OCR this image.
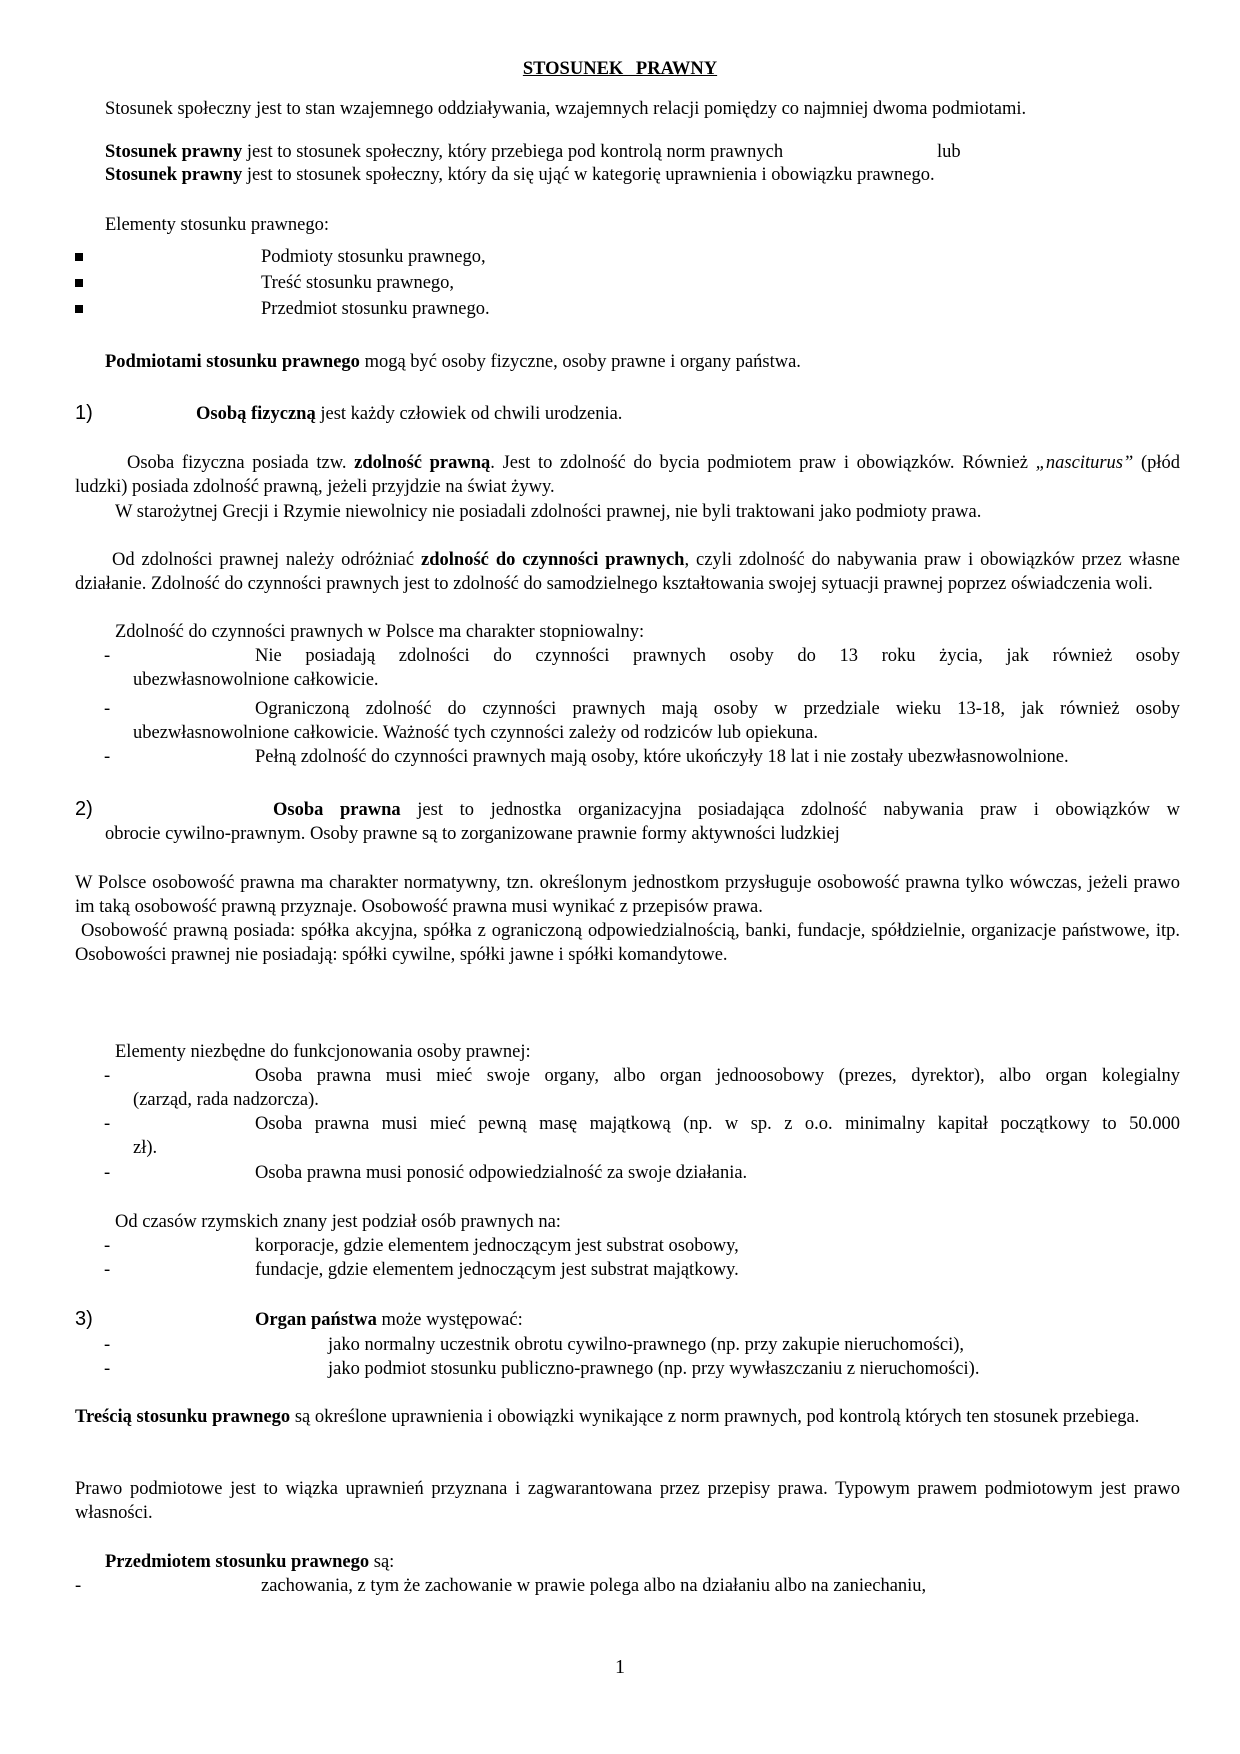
STOSUNEK PRAWNY

Stosunek społeczny jest to stan wzajemnego oddziaływania, wzajemnych relacji pomiędzy co najmniej dwoma podmiotami.

Stosunek prawny jest to stosunek społeczny, który przebiega pod kontrolą norm prawnych	lub

Stosunek prawny jest to stosunek społeczny, który da się ująć w kategorię uprawnienia i obowiązku prawnego.

Elementy stosunku prawnego:

Podmioty stosunku prawnego,
Treść stosunku prawnego,
Przedmiot stosunku prawnego.

Podmiotami stosunku prawnego mogą być osoby fizyczne, osoby prawne i organy państwa.

1)	Osobą fizyczną jest każdy człowiek od chwili urodzenia.

Osoba fizyczna posiada tzw. zdolność prawną. Jest to zdolność do bycia podmiotem praw i obowiązków. Również „nasciturus” (płód ludzki) posiada zdolność prawną, jeżeli przyjdzie na świat żywy.

W starożytnej Grecji i Rzymie niewolnicy nie posiadali zdolności prawnej, nie byli traktowani jako podmioty prawa.

Od zdolności prawnej należy odróżniać zdolność do czynności prawnych, czyli zdolność do nabywania praw i obowiązków przez własne działanie. Zdolność do czynności prawnych jest to zdolność do samodzielnego kształtowania swojej sytuacji prawnej poprzez oświadczenia woli.

Zdolność do czynności prawnych w Polsce ma charakter stopniowalny:

-	Nie posiadają zdolności do czynności prawnych osoby do 13 roku życia, jak również osoby

ubezwłasnowolnione całkowicie.

-	Ograniczoną zdolność do czynności prawnych mają osoby w przedziale wieku 13-18, jak również osoby

ubezwłasnowolnione całkowicie. Ważność tych czynności zależy od rodziców lub opiekuna.

-	Pełną zdolność do czynności prawnych mają osoby, które ukończyły 18 lat i nie zostały ubezwłasnowolnione.

2)	Osoba prawna jest to jednostka organizacyjna posiadająca zdolność nabywania praw i obowiązków w

obrocie cywilno-prawnym. Osoby prawne są to zorganizowane prawnie formy aktywności ludzkiej

W Polsce osobowość prawna ma charakter normatywny, tzn. określonym jednostkom przysługuje osobowość prawna tylko wówczas, jeżeli prawo im taką osobowość prawną przyznaje. Osobowość prawna musi wynikać z przepisów prawa.

Osobowość prawną posiada: spółka akcyjna, spółka z ograniczoną odpowiedzialnością, banki, fundacje, spółdzielnie, organizacje państwowe, itp. Osobowości prawnej nie posiadają: spółki cywilne, spółki jawne i spółki komandytowe.

Elementy niezbędne do funkcjonowania osoby prawnej:

-	Osoba prawna musi mieć swoje organy, albo organ jednoosobowy (prezes, dyrektor), albo organ kolegialny

(zarząd, rada nadzorcza).

-	Osoba prawna musi mieć pewną masę majątkową (np. w sp. z o.o. minimalny kapitał początkowy to 50.000

zł).

-	Osoba prawna musi ponosić odpowiedzialność za swoje działania.

Od czasów rzymskich znany jest podział osób prawnych na:

-	korporacje, gdzie elementem jednoczącym jest substrat osobowy,

-	fundacje, gdzie elementem jednoczącym jest substrat majątkowy.

3)	Organ państwa może występować:

-	jako normalny uczestnik obrotu cywilno-prawnego (np. przy zakupie nieruchomości),

-	jako podmiot stosunku publiczno-prawnego (np. przy wywłaszczaniu z nieruchomości).

Treścią stosunku prawnego są określone uprawnienia i obowiązki wynikające z norm prawnych, pod kontrolą których ten stosunek przebiega.

Prawo podmiotowe jest to wiązka uprawnień przyznana i zagwarantowana przez przepisy prawa. Typowym prawem podmiotowym jest prawo własności.

Przedmiotem stosunku prawnego są:

-	zachowania, z tym że zachowanie w prawie polega albo na działaniu albo na zaniechaniu,

1
